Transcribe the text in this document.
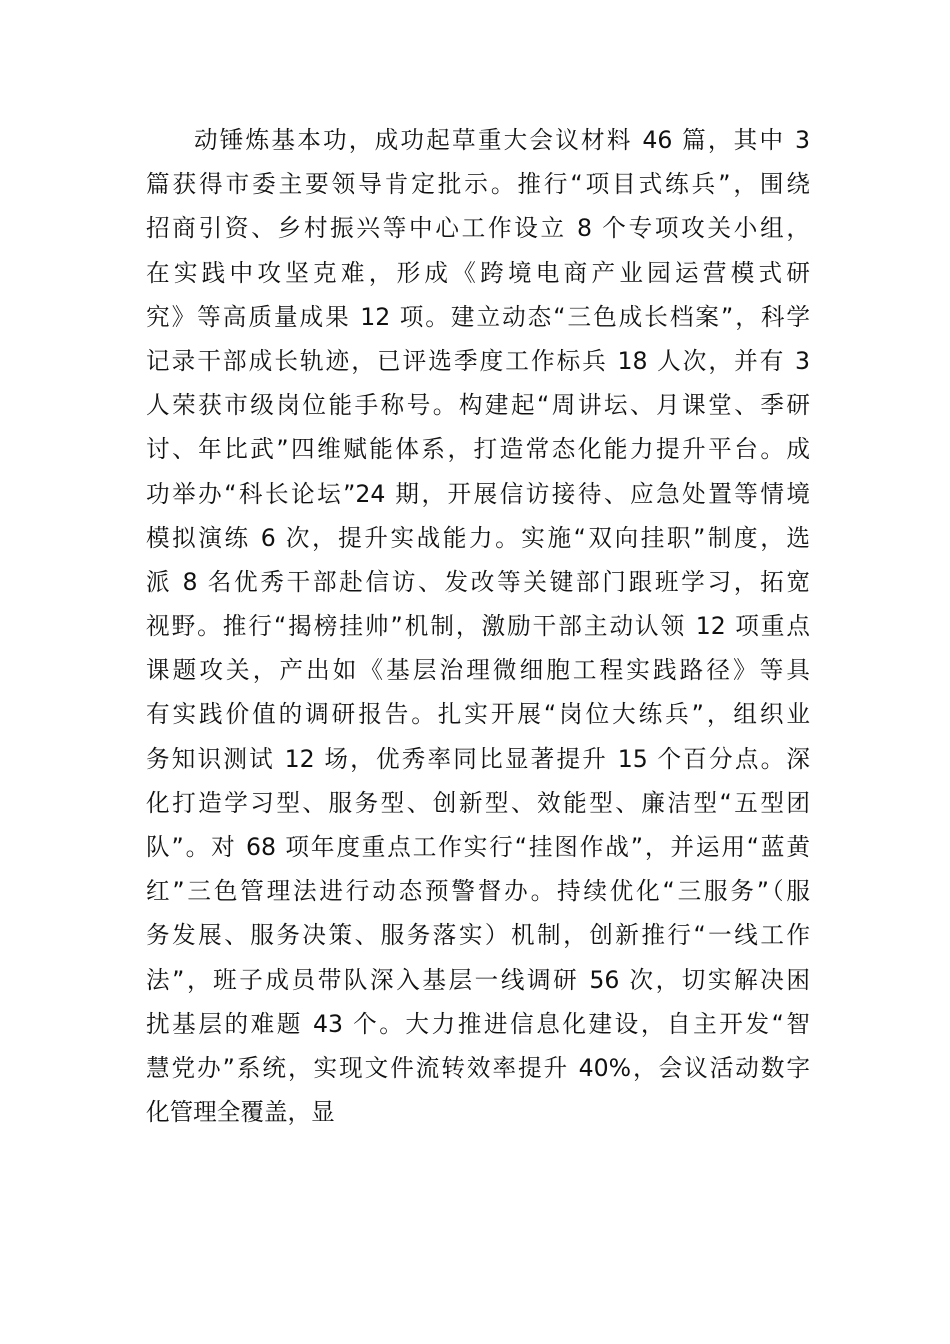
动锤炼基本功，成功起草重大会议材料 46 篇，其中 3
篇获得市委主要领导肯定批示。推行“项目式练兵”，围绕
招商引资、乡村振兴等中心工作设立 8 个专项攻关小组，
在实践中攻坚克难，形成《跨境电商产业园运营模式研
究》等高质量成果 12 项。建立动态“三色成长档案”，科学
记录干部成长轨迹，已评选季度工作标兵 18 人次，并有 3
人荣获市级岗位能手称号。构建起“周讲坛、月课堂、季研
讨、年比武”四维赋能体系，打造常态化能力提升平台。成
功举办“科长论坛”24 期，开展信访接待、应急处置等情境
模拟演练 6 次，提升实战能力。实施“双向挂职”制度，选
派 8 名优秀干部赴信访、发改等关键部门跟班学习，拓宽
视野。推行“揭榜挂帅”机制，激励干部主动认领 12 项重点
课题攻关，产出如《基层治理微细胞工程实践路径》等具
有实践价值的调研报告。扎实开展“岗位大练兵”，组织业
务知识测试 12 场，优秀率同比显著提升 15 个百分点。深
化打造学习型、服务型、创新型、效能型、廉洁型“五型团
队”。对 68 项年度重点工作实行“挂图作战”，并运用“蓝黄
红”三色管理法进行动态预警督办。持续优化“三服务”（服
务发展、服务决策、服务落实）机制，创新推行“一线工作
法”，班子成员带队深入基层一线调研 56 次，切实解决困
扰基层的难题 43 个。大力推进信息化建设，自主开发“智
慧党办”系统，实现文件流转效率提升 40%，会议活动数字
化管理全覆盖，显
